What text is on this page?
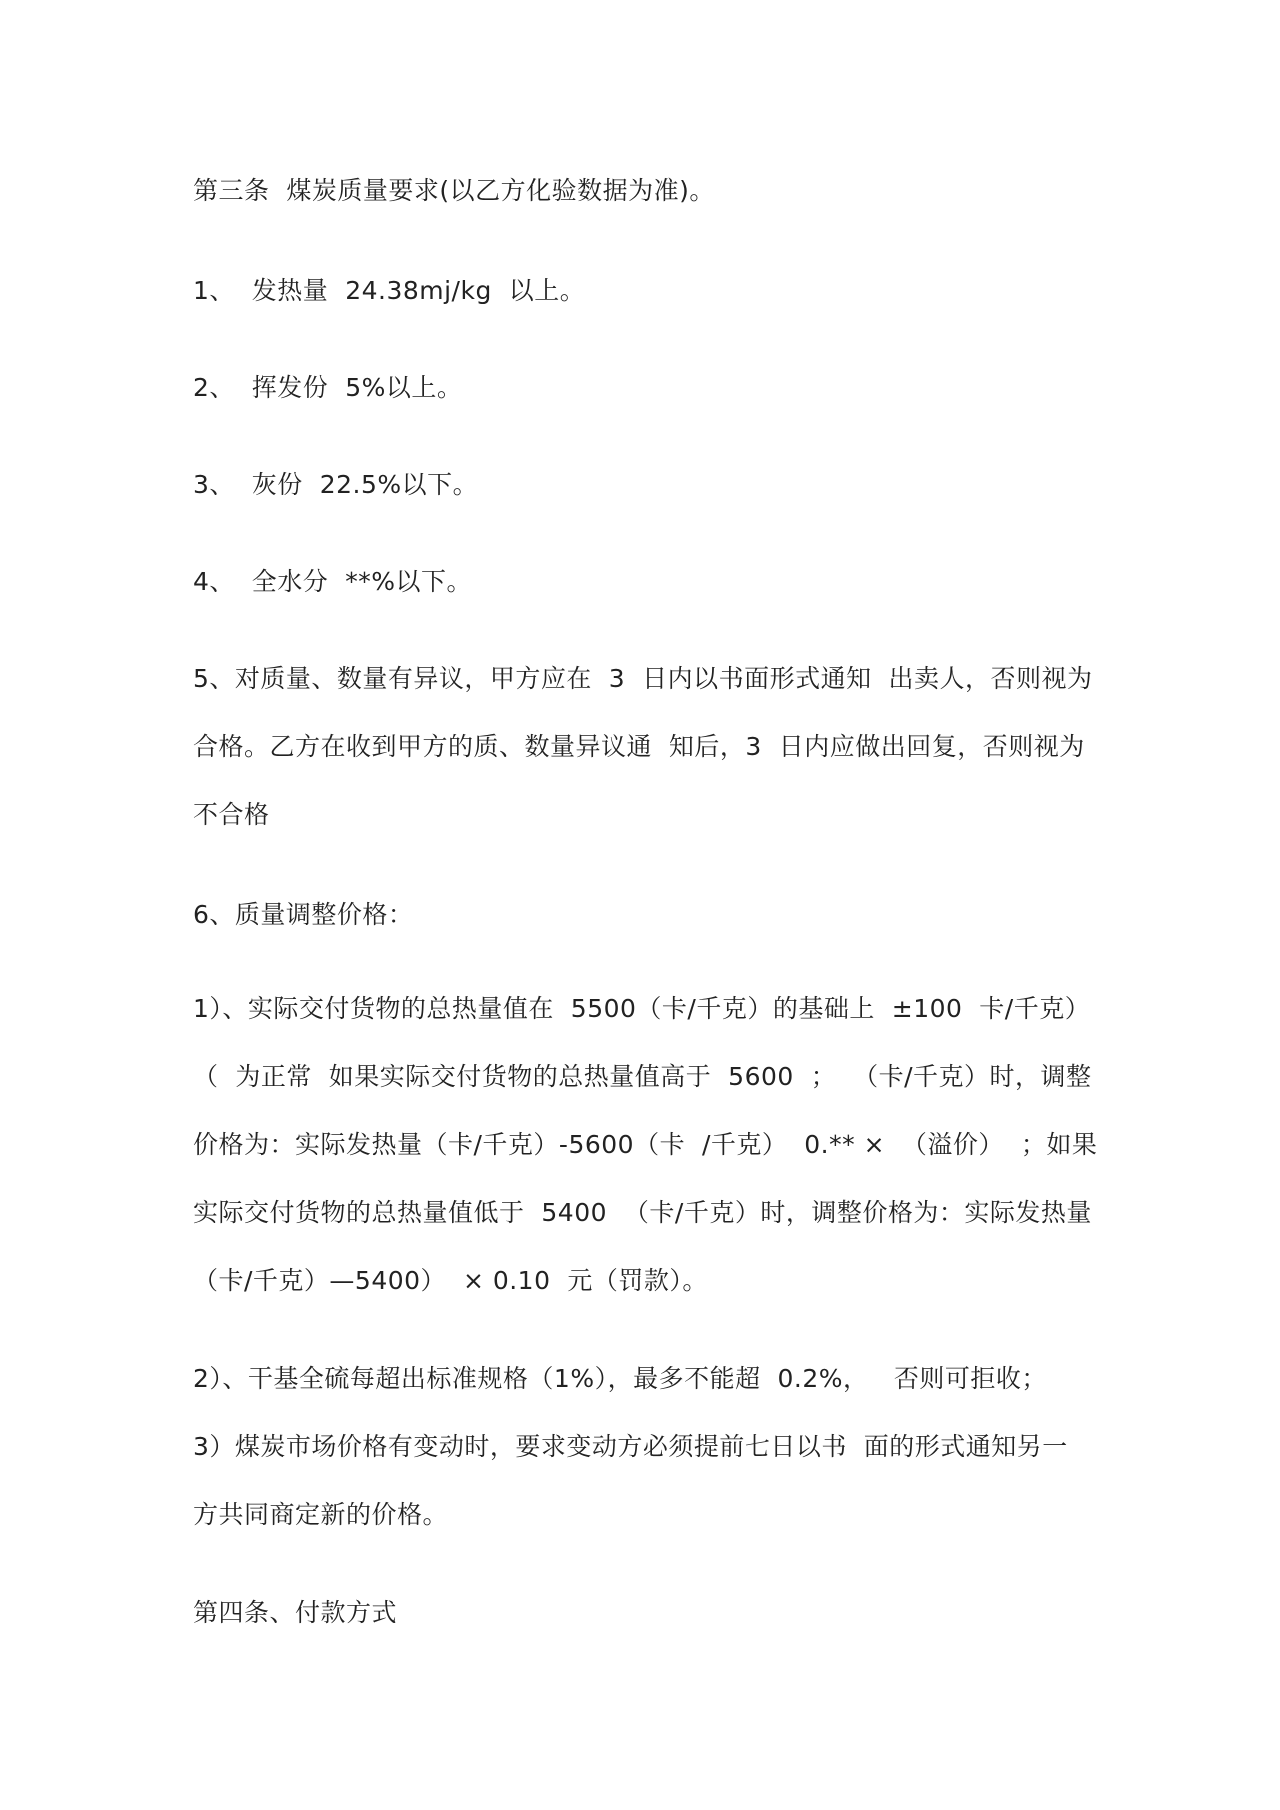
第三条  煤炭质量要求(以乙方化验数据为准)。
1、  发热量  24.38mj/kg  以上。
2、  挥发份  5%以上。
3、  灰份  22.5%以下。
4、  全水分  **%以下。
5、对质量、数量有异议，甲方应在  3  日内以书面形式通知  出卖人，否则视为
合格。乙方在收到甲方的质、数量异议通  知后，3  日内应做出回复，否则视为
不合格
6、质量调整价格：
1）、实际交付货物的总热量值在  5500（卡/千克）的基础上  ±100  卡/千克）
（  为正常  如果实际交付货物的总热量值高于  5600  ；  （卡/千克）时，调整
价格为：实际发热量（卡/千克）-5600（卡  /千克）  0.** ×  （溢价）  ；如果
实际交付货物的总热量值低于  5400  （卡/千克）时，调整价格为：实际发热量
（卡/千克）—5400）  × 0.10  元（罚款）。
2）、干基全硫每超出标准规格（1%），最多不能超  0.2%，   否则可拒收；
3）煤炭市场价格有变动时，要求变动方必须提前七日以书  面的形式通知另一
方共同商定新的价格。
第四条、付款方式
